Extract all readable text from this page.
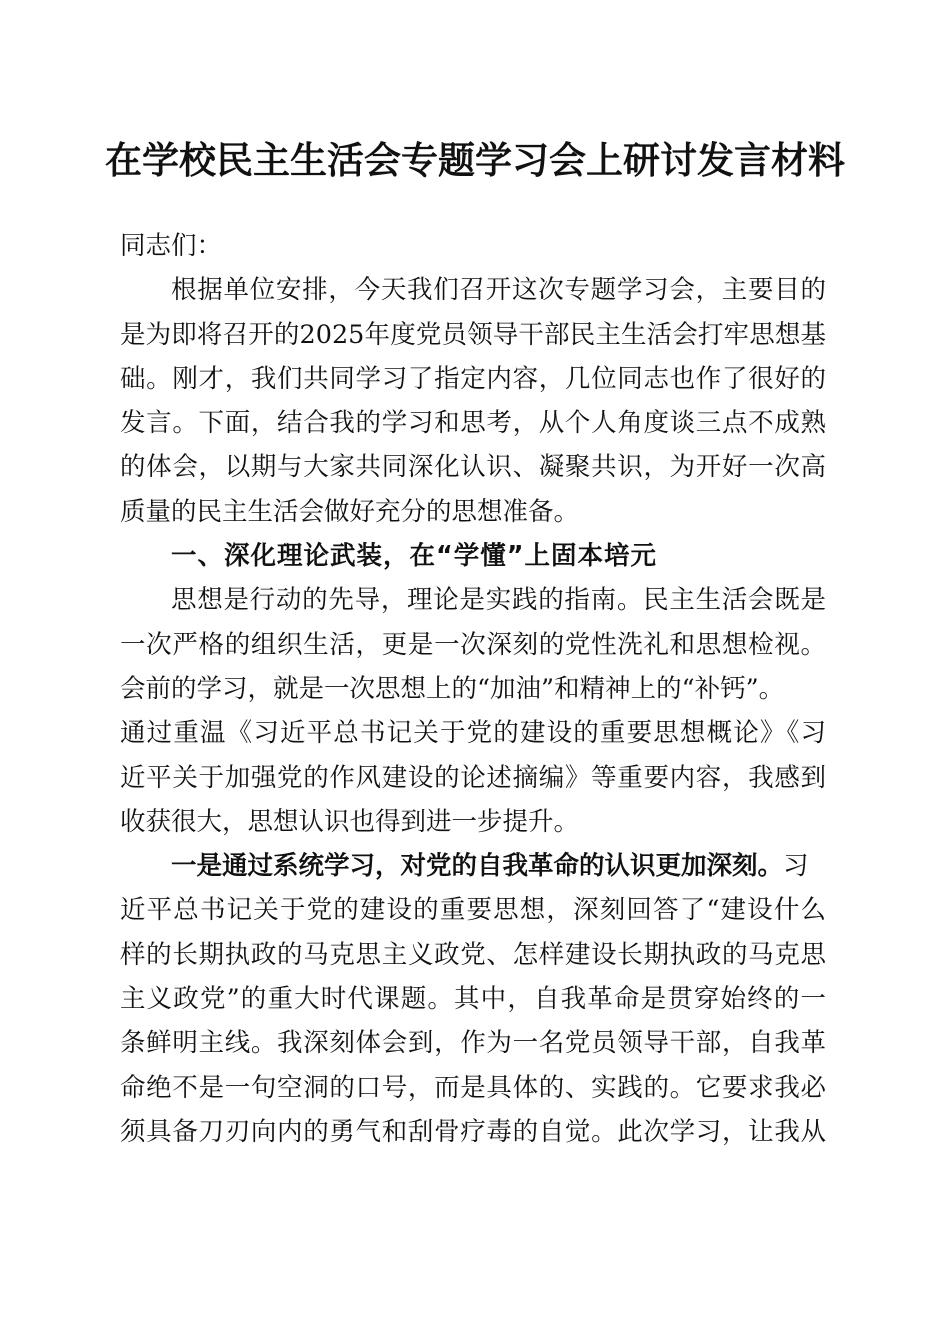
在学校民主生活会专题学习会上研讨发言材料
同志们：
根据单位安排，今天我们召开这次专题学习会，主要目的
是为即将召开的2025年度党员领导干部民主生活会打牢思想基
础。刚才，我们共同学习了指定内容，几位同志也作了很好的
发言。下面，结合我的学习和思考，从个人角度谈三点不成熟
的体会，以期与大家共同深化认识、凝聚共识，为开好一次高
质量的民主生活会做好充分的思想准备。
一、深化理论武装，在“学懂”上固本培元
思想是行动的先导，理论是实践的指南。民主生活会既是
一次严格的组织生活，更是一次深刻的党性洗礼和思想检视。
会前的学习，就是一次思想上的“加油”和精神上的“补钙”。
通过重温《习近平总书记关于党的建设的重要思想概论》《习
近平关于加强党的作风建设的论述摘编》等重要内容，我感到
收获很大，思想认识也得到进一步提升。
一是通过系统学习，对党的自我革命的认识更加深刻。习
近平总书记关于党的建设的重要思想，深刻回答了“建设什么
样的长期执政的马克思主义政党、怎样建设长期执政的马克思
主义政党”的重大时代课题。其中，自我革命是贯穿始终的一
条鲜明主线。我深刻体会到，作为一名党员领导干部，自我革
命绝不是一句空洞的口号，而是具体的、实践的。它要求我必
须具备刀刃向内的勇气和刮骨疗毒的自觉。此次学习，让我从
